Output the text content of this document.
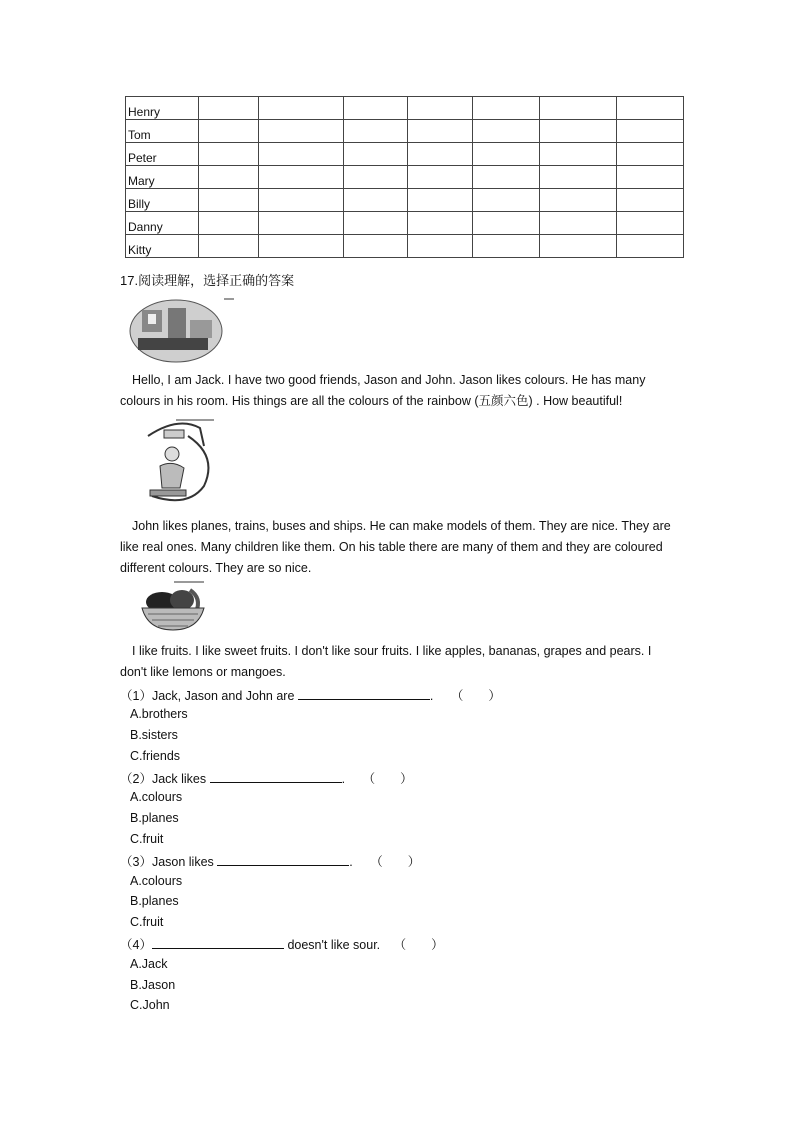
Henry							
Tom							
Peter							
Mary							
Billy							
Danny							
Kitty							
17.阅读理解，选择正确的答案
Hello, I am Jack. I have two good friends, Jason and John. Jason likes colours. He has many colours in his room. His things are all the colours of the rainbow (五颜六色) . How beautiful!
John likes planes, trains, buses and ships. He can make models of them. They are nice. They are like real ones. Many children like them. On his table there are many of them and they are coloured different colours. They are so nice.
I like fruits. I like sweet fruits. I don't like sour fruits. I like apples, bananas, grapes and pears. I don't like lemons or mangoes.
（1）Jack, Jason and John are	. （　　）
A.brothers
B.sisters
C.friends
（2）Jack likes	. （　　）
A.colours
B.planes
C.fruit
（3）Jason likes	. （　　）
A.colours
B.planes
C.fruit
（4）	doesn't like sour. （　　）
A.Jack
B.Jason
C.John
